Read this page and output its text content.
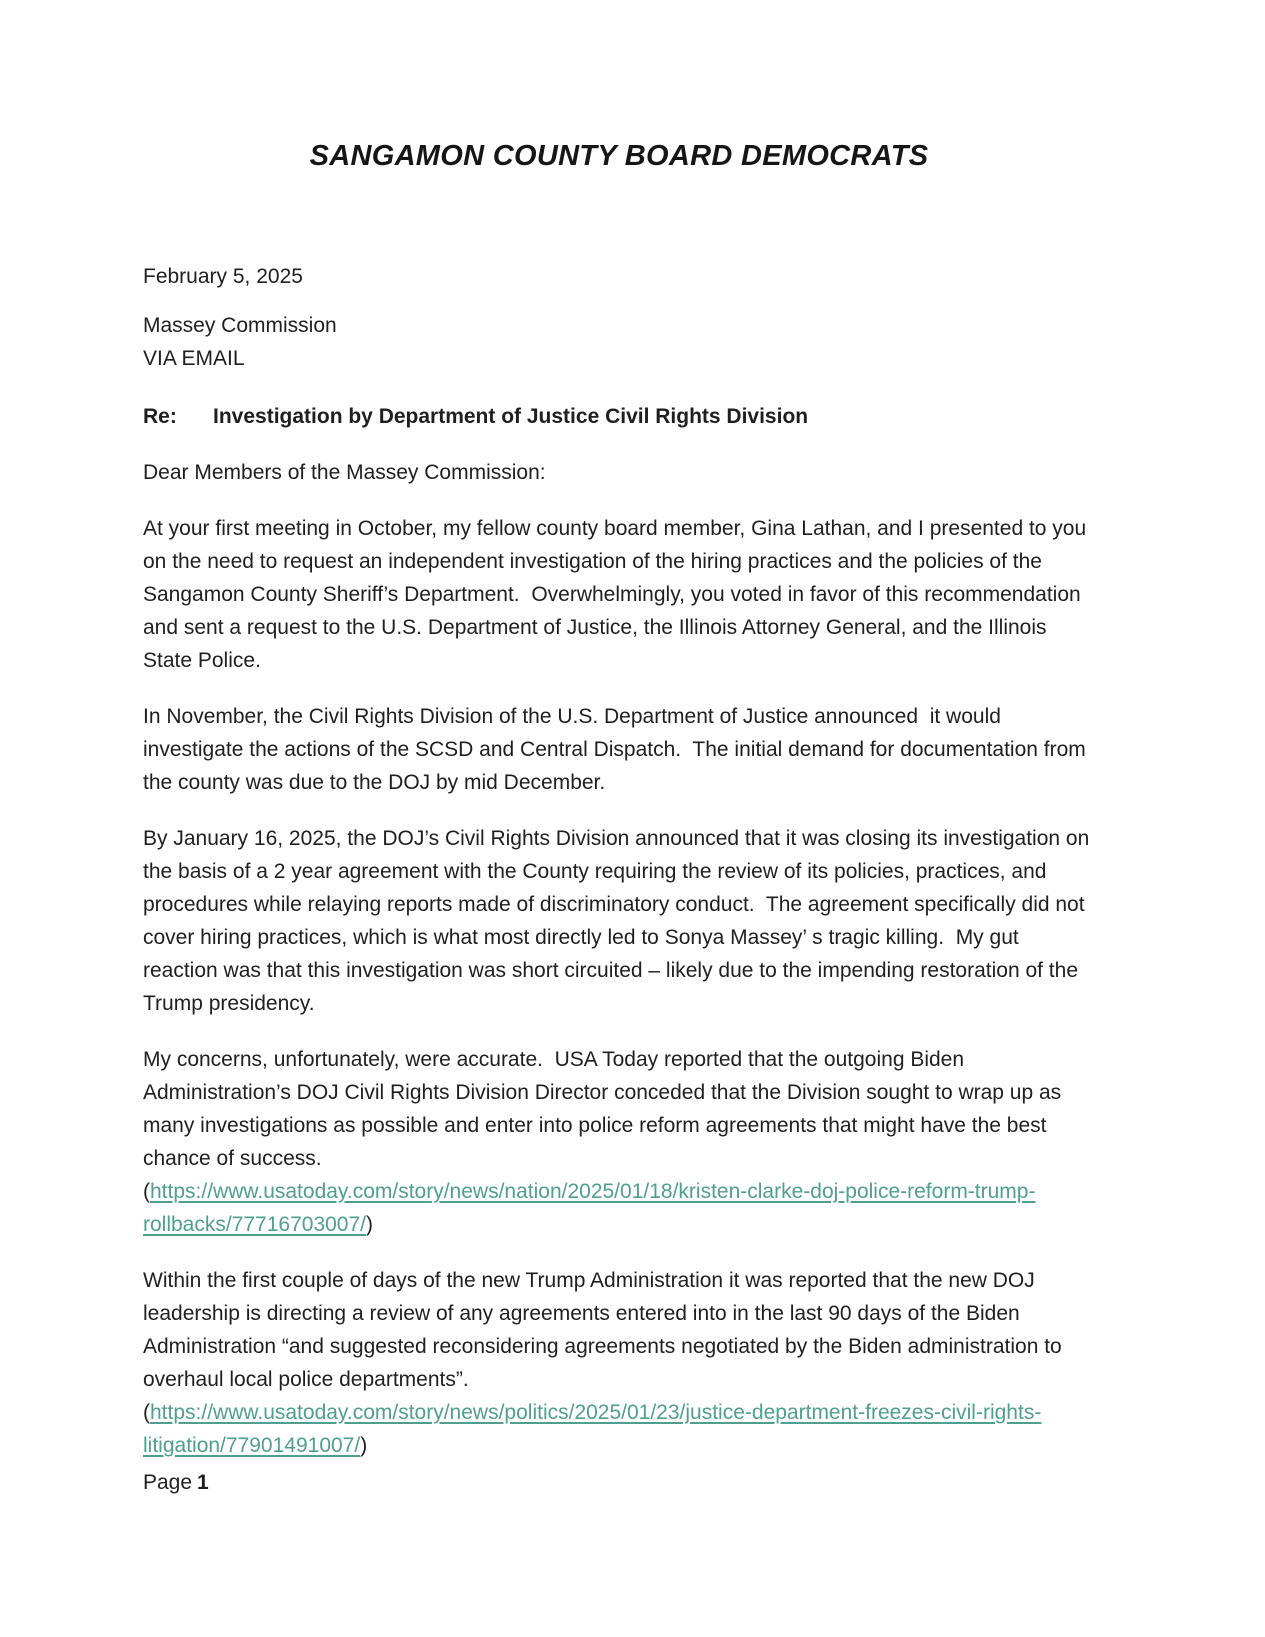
SANGAMON COUNTY BOARD DEMOCRATS

February 5, 2025

Massey Commission
VIA EMAIL

Re: Investigation by Department of Justice Civil Rights Division

Dear Members of the Massey Commission:

At your first meeting in October, my fellow county board member, Gina Lathan, and I presented to you on the need to request an independent investigation of the hiring practices and the policies of the Sangamon County Sheriff’s Department.  Overwhelmingly, you voted in favor of this recommendation and sent a request to the U.S. Department of Justice, the Illinois Attorney General, and the Illinois State Police.

In November, the Civil Rights Division of the U.S. Department of Justice announced  it would investigate the actions of the SCSD and Central Dispatch.  The initial demand for documentation from the county was due to the DOJ by mid December.

By January 16, 2025, the DOJ’s Civil Rights Division announced that it was closing its investigation on the basis of a 2 year agreement with the County requiring the review of its policies, practices, and procedures while relaying reports made of discriminatory conduct.  The agreement specifically did not cover hiring practices, which is what most directly led to Sonya Massey’ s tragic killing.  My gut reaction was that this investigation was short circuited – likely due to the impending restoration of the Trump presidency.

My concerns, unfortunately, were accurate.  USA Today reported that the outgoing Biden Administration’s DOJ Civil Rights Division Director conceded that the Division sought to wrap up as many investigations as possible and enter into police reform agreements that might have the best chance of success.
(https://www.usatoday.com/story/news/nation/2025/01/18/kristen-clarke-doj-police-reform-trump-rollbacks/77716703007/)

Within the first couple of days of the new Trump Administration it was reported that the new DOJ leadership is directing a review of any agreements entered into in the last 90 days of the Biden Administration “and suggested reconsidering agreements negotiated by the Biden administration to overhaul local police departments”.
(https://www.usatoday.com/story/news/politics/2025/01/23/justice-department-freezes-civil-rights-litigation/77901491007/)

Page 1
